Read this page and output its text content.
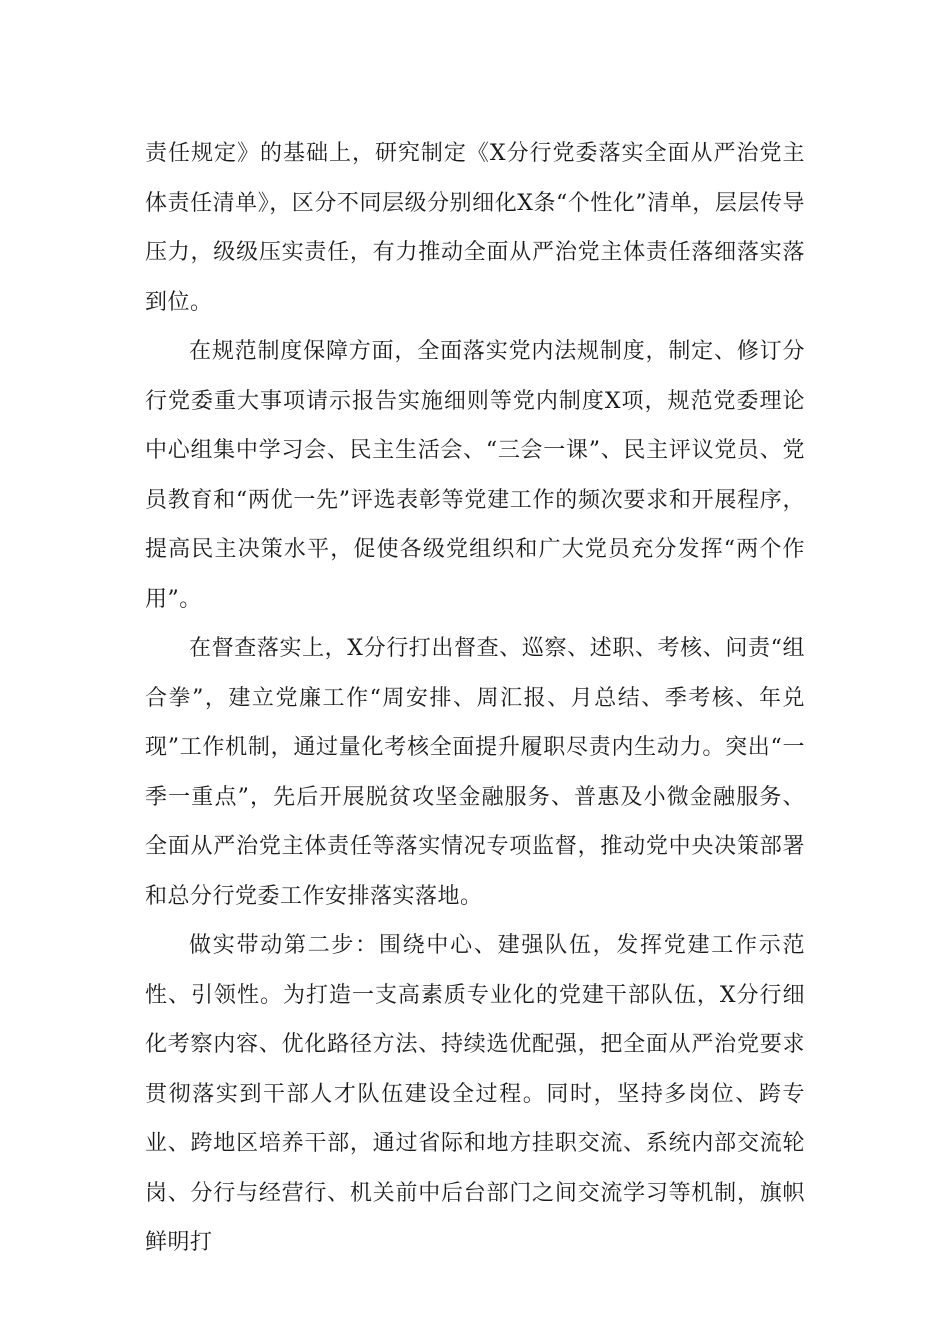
责任规定》的基础上，研究制定《X分行党委落实全面从严治党主体责任清单》，区分不同层级分别细化X条“个性化”清单，层层传导压力，级级压实责任，有力推动全面从严治党主体责任落细落实落到位。

在规范制度保障方面，全面落实党内法规制度，制定、修订分行党委重大事项请示报告实施细则等党内制度X项，规范党委理论中心组集中学习会、民主生活会、“三会一课”、民主评议党员、党员教育和“两优一先”评选表彰等党建工作的频次要求和开展程序，提高民主决策水平，促使各级党组织和广大党员充分发挥“两个作用”。

在督查落实上，X分行打出督查、巡察、述职、考核、问责“组合拳”，建立党廉工作“周安排、周汇报、月总结、季考核、年兑现”工作机制，通过量化考核全面提升履职尽责内生动力。突出“一季一重点”，先后开展脱贫攻坚金融服务、普惠及小微金融服务、全面从严治党主体责任等落实情况专项监督，推动党中央决策部署和总分行党委工作安排落实落地。

做实带动第二步：围绕中心、建强队伍，发挥党建工作示范性、引领性。为打造一支高素质专业化的党建干部队伍，X分行细化考察内容、优化路径方法、持续选优配强，把全面从严治党要求贯彻落实到干部人才队伍建设全过程。同时，坚持多岗位、跨专业、跨地区培养干部，通过省际和地方挂职交流、系统内部交流轮岗、分行与经营行、机关前中后台部门之间交流学习等机制，旗帜鲜明打
